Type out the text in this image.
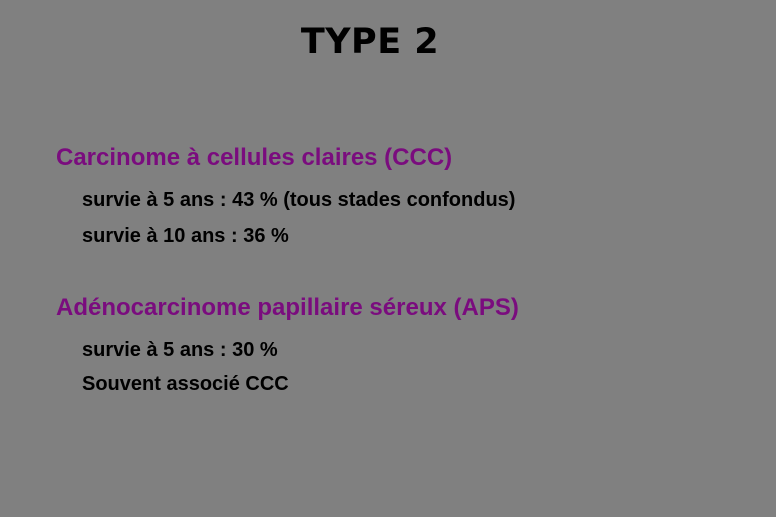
TYPE 2

Carcinome à cellules claires (CCC)

survie à 5 ans : 43 % (tous stades confondus)

survie à 10 ans : 36 %

Adénocarcinome papillaire séreux (APS)

survie à 5 ans : 30 %

Souvent associé CCC
